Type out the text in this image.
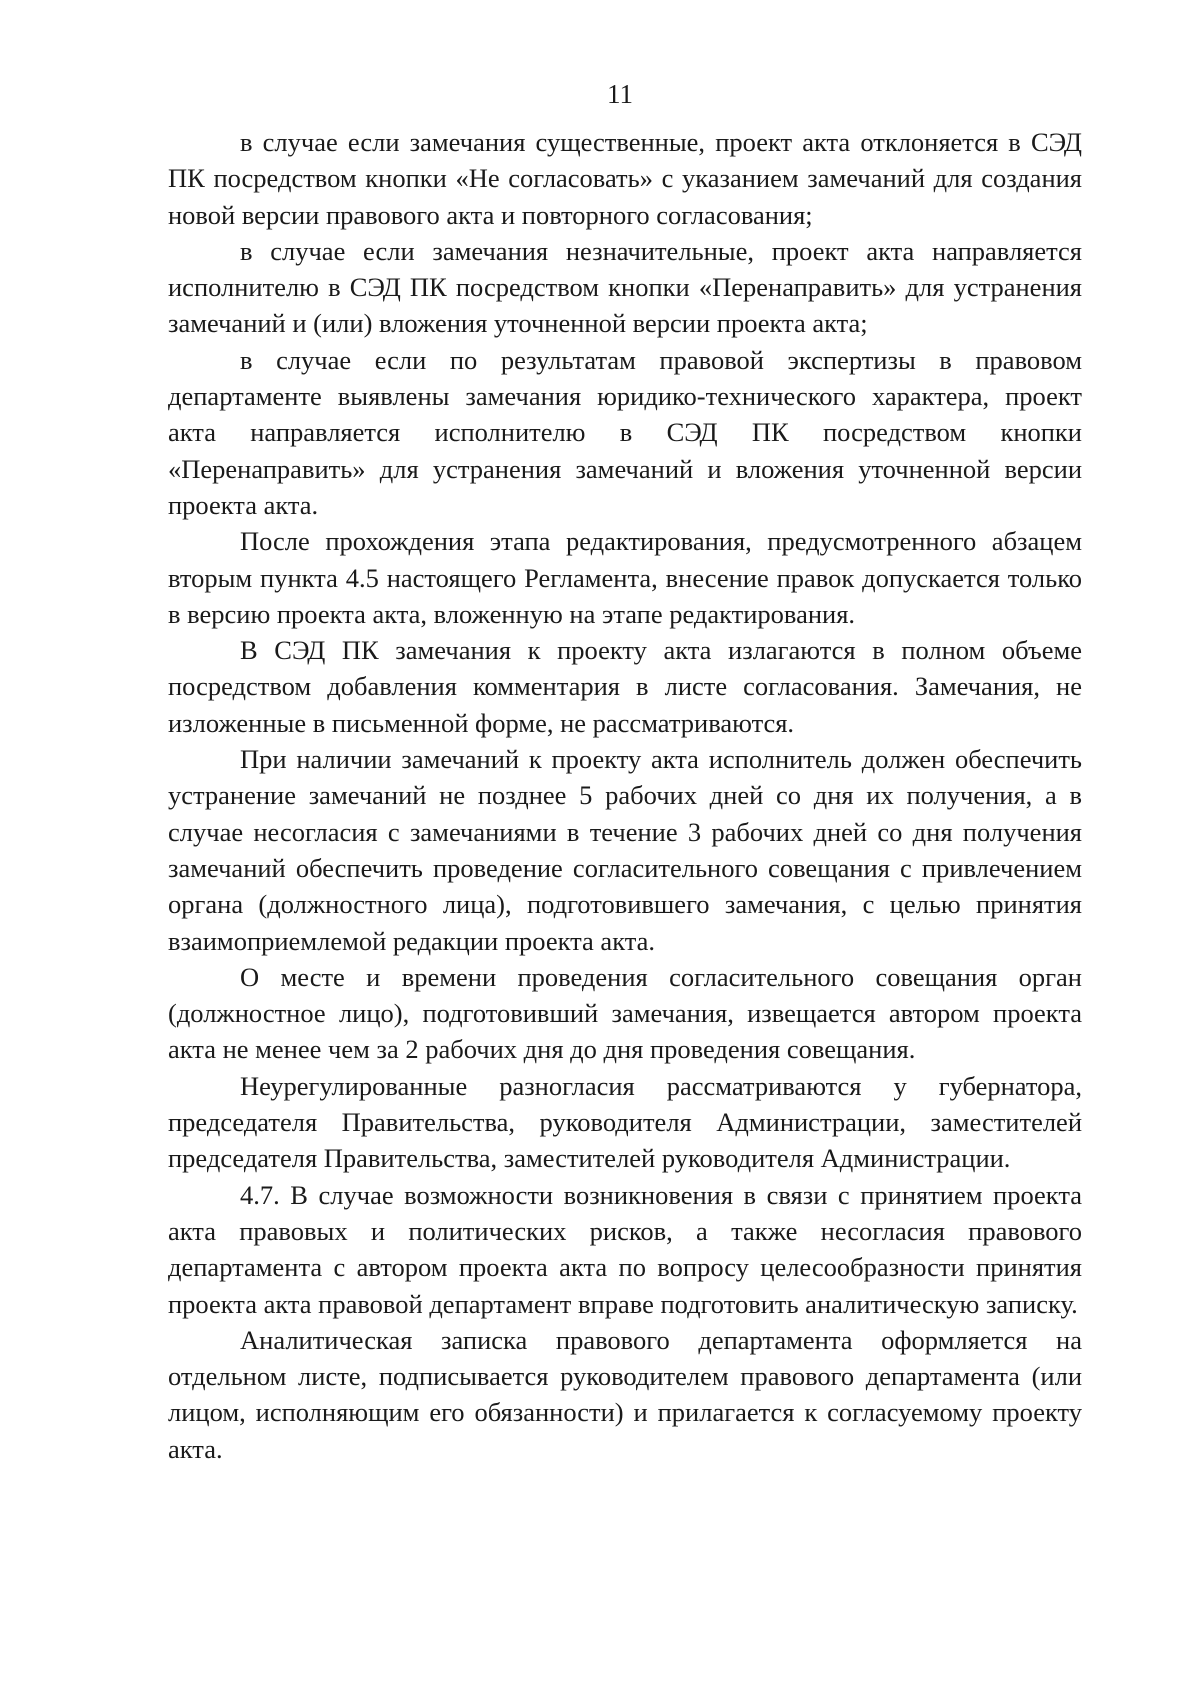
11

в случае если замечания существенные, проект акта отклоняется в СЭД ПК посредством кнопки «Не согласовать» с указанием замечаний для создания новой версии правового акта и повторного согласования;

в случае если замечания незначительные, проект акта направляется исполнителю в СЭД ПК посредством кнопки «Перенаправить» для устранения замечаний и (или) вложения уточненной версии проекта акта;

в случае если по результатам правовой экспертизы в правовом департаменте выявлены замечания юридико-технического характера, проект акта направляется исполнителю в СЭД ПК посредством кнопки «Перенаправить» для устранения замечаний и вложения уточненной версии проекта акта.

После прохождения этапа редактирования, предусмотренного абзацем вторым пункта 4.5 настоящего Регламента, внесение правок допускается только в версию проекта акта, вложенную на этапе редактирования.

В СЭД ПК замечания к проекту акта излагаются в полном объеме посредством добавления комментария в листе согласования. Замечания, не изложенные в письменной форме, не рассматриваются.

При наличии замечаний к проекту акта исполнитель должен обеспечить устранение замечаний не позднее 5 рабочих дней со дня их получения, а в случае несогласия с замечаниями в течение 3 рабочих дней со дня получения замечаний обеспечить проведение согласительного совещания с привлечением органа (должностного лица), подготовившего замечания, с целью принятия взаимоприемлемой редакции проекта акта.

О месте и времени проведения согласительного совещания орган (должностное лицо), подготовивший замечания, извещается автором проекта акта не менее чем за 2 рабочих дня до дня проведения совещания.

Неурегулированные разногласия рассматриваются у губернатора, председателя Правительства, руководителя Администрации, заместителей председателя Правительства, заместителей руководителя Администрации.

4.7. В случае возможности возникновения в связи с принятием проекта акта правовых и политических рисков, а также несогласия правового департамента с автором проекта акта по вопросу целесообразности принятия проекта акта правовой департамент вправе подготовить аналитическую записку.

Аналитическая записка правового департамента оформляется на отдельном листе, подписывается руководителем правового департамента (или лицом, исполняющим его обязанности) и прилагается к согласуемому проекту акта.
